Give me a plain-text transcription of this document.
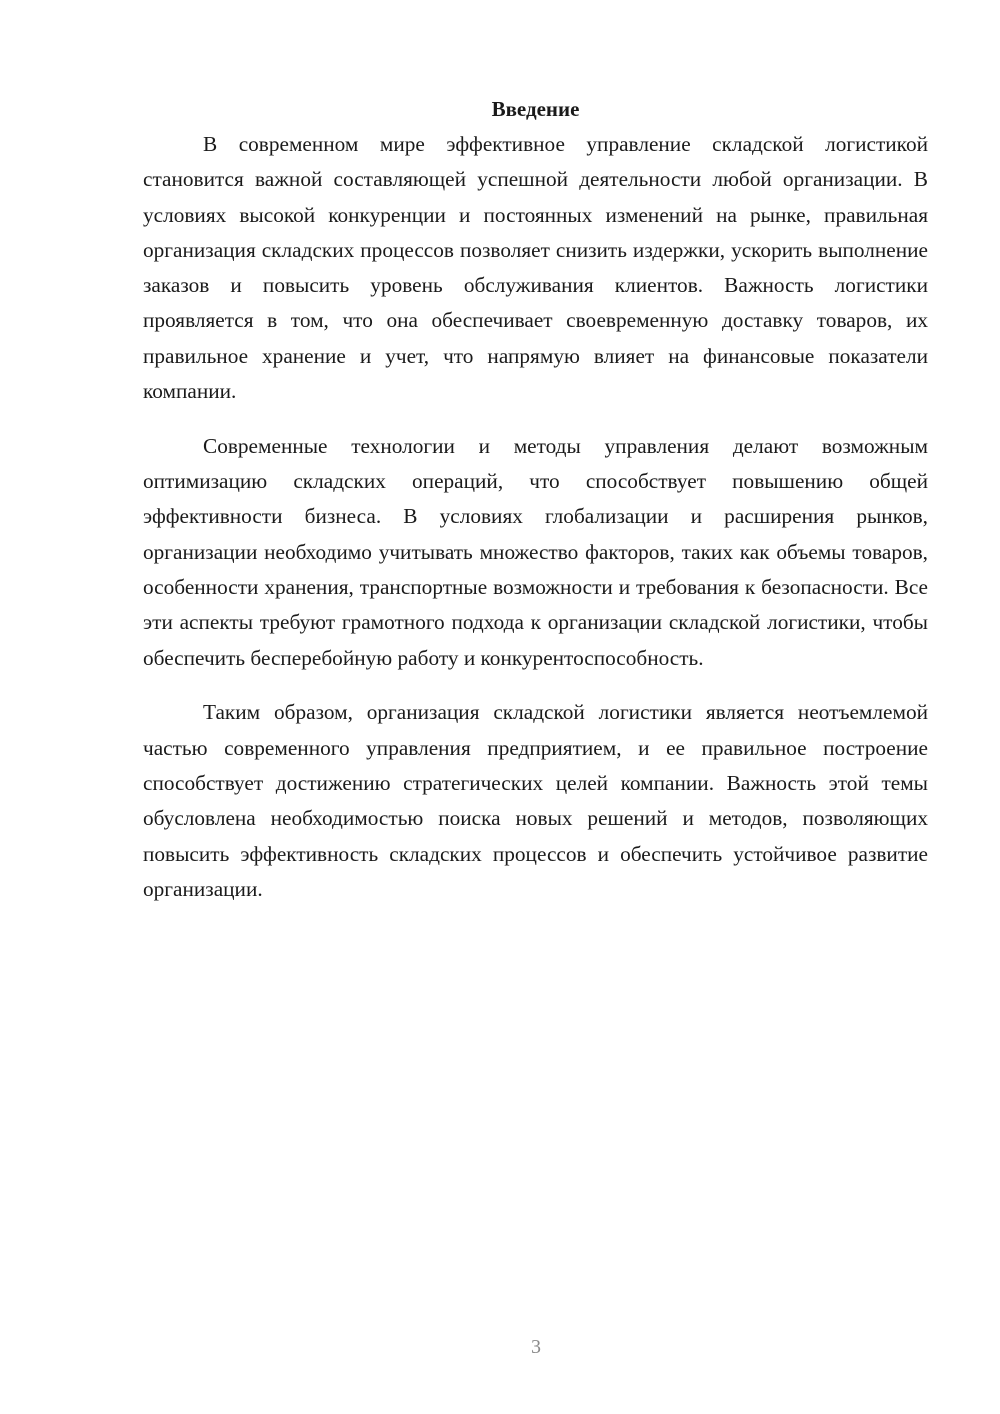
Введение

В современном мире эффективное управление складской логистикой становится важной составляющей успешной деятельности любой организации. В условиях высокой конкуренции и постоянных изменений на рынке, правильная организация складских процессов позволяет снизить издержки, ускорить выполнение заказов и повысить уровень обслуживания клиентов. Важность логистики проявляется в том, что она обеспечивает своевременную доставку товаров, их правильное хранение и учет, что напрямую влияет на финансовые показатели компании.

Современные технологии и методы управления делают возможным оптимизацию складских операций, что способствует повышению общей эффективности бизнеса. В условиях глобализации и расширения рынков, организации необходимо учитывать множество факторов, таких как объемы товаров, особенности хранения, транспортные возможности и требования к безопасности. Все эти аспекты требуют грамотного подхода к организации складской логистики, чтобы обеспечить бесперебойную работу и конкурентоспособность.

Таким образом, организация складской логистики является неотъемлемой частью современного управления предприятием, и ее правильное построение способствует достижению стратегических целей компании. Важность этой темы обусловлена необходимостью поиска новых решений и методов, позволяющих повысить эффективность складских процессов и обеспечить устойчивое развитие организации.

3
